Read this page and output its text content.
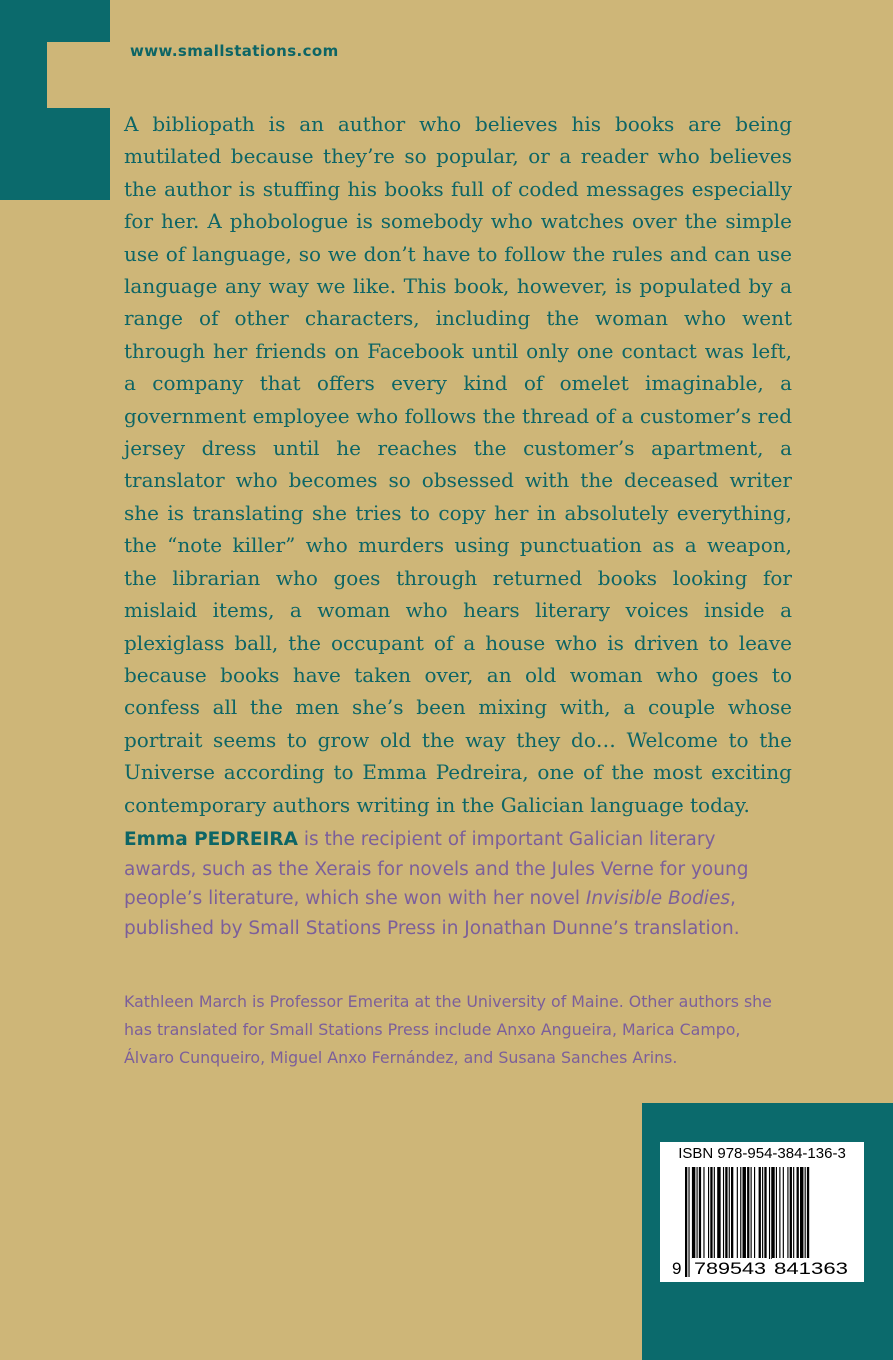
www.smallstations.com

A bibliopath is an author who believes his books are being mutilated because they’re so popular, or a reader who believes the author is stuffing his books full of coded messages especially for her. A phobologue is somebody who watches over the simple use of language, so we don’t have to follow the rules and can use language any way we like. This book, however, is populated by a range of other characters, including the woman who went through her friends on Facebook until only one contact was left, a company that offers every kind of omelet imaginable, a government employee who follows the thread of a customer’s red jersey dress until he reaches the customer’s apartment, a translator who becomes so obsessed with the deceased writer she is translating she tries to copy her in absolutely everything, the “note killer” who murders using punctuation as a weapon, the librarian who goes through returned books looking for mislaid items, a woman who hears literary voices inside a plexiglass ball, the occupant of a house who is driven to leave because books have taken over, an old woman who goes to confess all the men she’s been mixing with, a couple whose portrait seems to grow old the way they do… Welcome to the Universe according to Emma Pedreira, one of the most exciting contemporary authors writing in the Galician language today.

Emma PEDREIRA is the recipient of important Galician literary awards, such as the Xerais for novels and the Jules Verne for young people’s literature, which she won with her novel Invisible Bodies, published by Small Stations Press in Jonathan Dunne’s translation.

Kathleen March is Professor Emerita at the University of Maine. Other authors she has translated for Small Stations Press include Anxo Angueira, Marica Campo, Álvaro Cunqueiro, Miguel Anxo Fernández, and Susana Sanches Arins.

ISBN 978-954-384-136-3
9 789543 841363
